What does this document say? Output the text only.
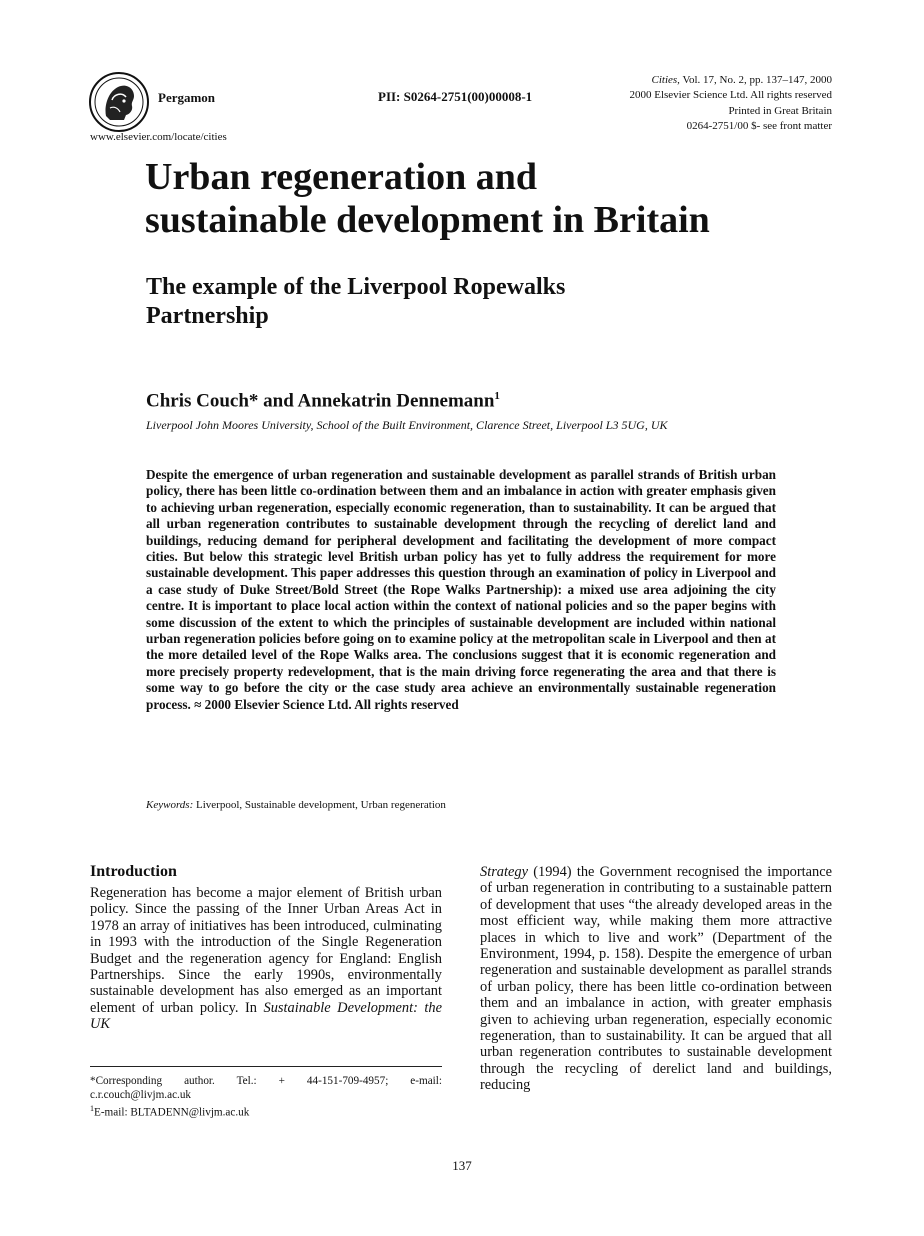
Pergamon	PII: S0264-2751(00)00008-1
Cities, Vol. 17, No. 2, pp. 137–147, 2000
2000 Elsevier Science Ltd. All rights reserved
Printed in Great Britain
0264-2751/00 $- see front matter
www.elsevier.com/locate/cities
Urban regeneration and
sustainable development in Britain
The example of the Liverpool Ropewalks
Partnership
Chris Couch* and Annekatrin Dennemann$^1$
Liverpool John Moores University, School of the Built Environment, Clarence Street, Liverpool L3 5UG, UK
Despite the emergence of urban regeneration and sustainable development as parallel strands of British urban policy, there has been little co-ordination between them and an imbalance in action with greater emphasis given to achieving urban regeneration, especially economic regeneration, than to sustainability. It can be argued that all urban regeneration contributes to sustainable development through the recycling of derelict land and buildings, reducing demand for peripheral development and facilitating the development of more compact cities. But below this strategic level British urban policy has yet to fully address the requirement for more sustainable development. This paper addresses this question through an examination of policy in Liverpool and a case study of Duke Street/Bold Street (the Rope Walks Partnership): a mixed use area adjoining the city centre. It is important to place local action within the context of national policies and so the paper begins with some discussion of the extent to which the principles of sustainable development are included within national urban regeneration policies before going on to examine policy at the metropolitan scale in Liverpool and then at the more detailed level of the Rope Walks area. The conclusions suggest that it is economic regeneration and more precisely property redevelopment, that is the main driving force regenerating the area and that there is some way to go before the city or the case study area achieve an environmentally sustainable regeneration process. ≈ 2000 Elsevier Science Ltd. All rights reserved
Keywords: Liverpool, Sustainable development, Urban regeneration
Introduction
Regeneration has become a major element of British urban policy. Since the passing of the Inner Urban Areas Act in 1978 an array of initiatives has been introduced, culminating in 1993 with the introduction of the Single Regeneration Budget and the regeneration agency for England: English Partnerships. Since the early 1990s, environmentally sustainable development has also emerged as an important element of urban policy. In Sustainable Development: the UK
*Corresponding author. Tel.: + 44-151-709-4957; e-mail: c.r.couch@livjm.ac.uk
$^1$E-mail: BLTADENN@livjm.ac.uk
Strategy (1994) the Government recognised the importance of urban regeneration in contributing to a sustainable pattern of development that uses “the already developed areas in the most efficient way, while making them more attractive places in which to live and work” (Department of the Environment, 1994, p. 158). Despite the emergence of urban regeneration and sustainable development as parallel strands of urban policy, there has been little co-ordination between them and an imbalance in action, with greater emphasis given to achieving urban regeneration, especially economic regeneration, than to sustainability. It can be argued that all urban regeneration contributes to sustainable development through the recycling of derelict land and buildings, reducing
137
